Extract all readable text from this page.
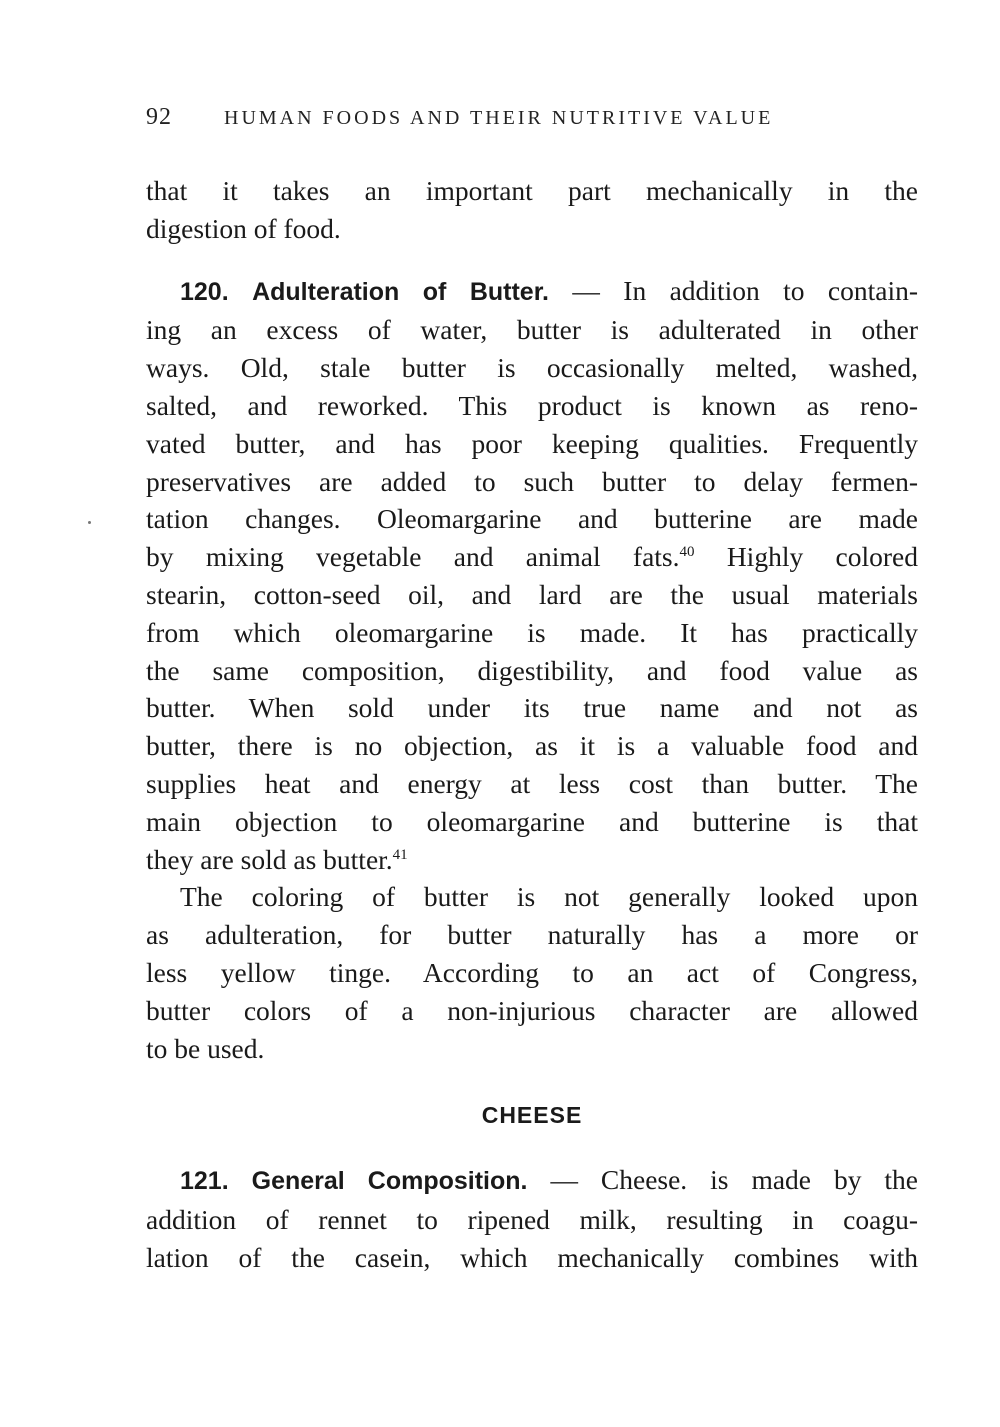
92	HUMAN FOODS AND THEIR NUTRITIVE VALUE

that it takes an important part mechanically in the
digestion of food.

120. Adulteration of Butter. — In addition to contain-
ing an excess of water, butter is adulterated in other
ways. Old, stale butter is occasionally melted, washed,
salted, and reworked. This product is known as reno-
vated butter, and has poor keeping qualities. Frequently
preservatives are added to such butter to delay fermen-
tation changes. Oleomargarine and butterine are made
by mixing vegetable and animal fats.$^{40}$ Highly colored
stearin, cotton-seed oil, and lard are the usual materials
from which oleomargarine is made. It has practically
the same composition, digestibility, and food value as
butter. When sold under its true name and not as
butter, there is no objection, as it is a valuable food and
supplies heat and energy at less cost than butter. The
main objection to oleomargarine and butterine is that
they are sold as butter.$^{41}$

The coloring of butter is not generally looked upon
as adulteration, for butter naturally has a more or
less yellow tinge. According to an act of Congress,
butter colors of a non-injurious character are allowed
to be used.

CHEESE

121. General Composition. — Cheese. is made by the
addition of rennet to ripened milk, resulting in coagu-
lation of the casein, which mechanically combines with
